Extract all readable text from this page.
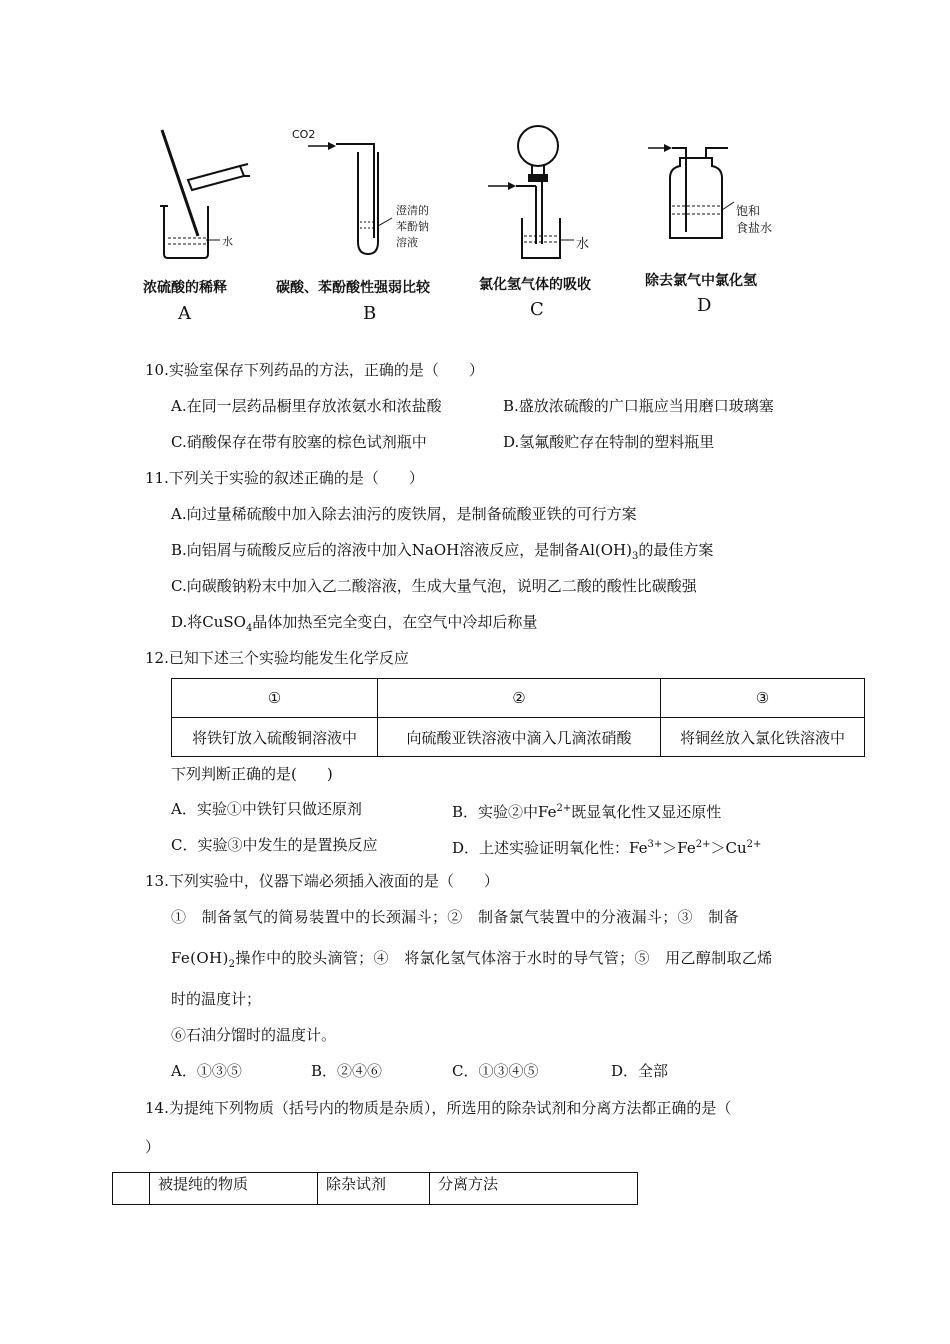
水
浓硫酸的稀释
A
CO2
澄清的
苯酚钠
溶液
碳酸、苯酚酸性强弱比较
B
水
氯化氢气体的吸收
C
饱和
食盐水
除去氯气中氯化氢
D
10.实验室保存下列药品的方法，正确的是（　　）
A.在同一层药品橱里存放浓氨水和浓盐酸	B.盛放浓硫酸的广口瓶应当用磨口玻璃塞
C.硝酸保存在带有胶塞的棕色试剂瓶中	D.氢氟酸贮存在特制的塑料瓶里
11.下列关于实验的叙述正确的是（　　）
A.向过量稀硫酸中加入除去油污的废铁屑，是制备硫酸亚铁的可行方案
B.向铝屑与硫酸反应后的溶液中加入NaOH溶液反应，是制备$Al(OH)_3$的最佳方案
C.向碳酸钠粉末中加入乙二酸溶液，生成大量气泡，说明乙二酸的酸性比碳酸强
D.将CuSO$_4$晶体加热至完全变白，在空气中冷却后称量
12.已知下述三个实验均能发生化学反应
①	②	③
将铁钉放入硫酸铜溶液中	向硫酸亚铁溶液中滴入几滴浓硝酸	将铜丝放入氯化铁溶液中
下列判断正确的是(　　)
A．实验①中铁钉只做还原剂	B．实验②中$Fe^{2+}$既显氧化性又显还原性
C．实验③中发生的是置换反应	D．上述实验证明氧化性：$Fe^{3+}>Fe^{2+}>Cu^{2+}$
13.下列实验中，仪器下端必须插入液面的是（　　）
①　制备氢气的简易装置中的长颈漏斗；②　制备氯气装置中的分液漏斗；③　制备
$Fe(OH)_2$操作中的胶头滴管；④　将氯化氢气体溶于水时的导气管；⑤　用乙醇制取乙烯
时的温度计；
⑥石油分馏时的温度计。
A．①③⑤	B．②④⑥	C．①③④⑤	D．全部
14.为提纯下列物质（括号内的物质是杂质），所选用的除杂试剂和分离方法都正确的是（
）
	被提纯的物质	除杂试剂	分离方法
